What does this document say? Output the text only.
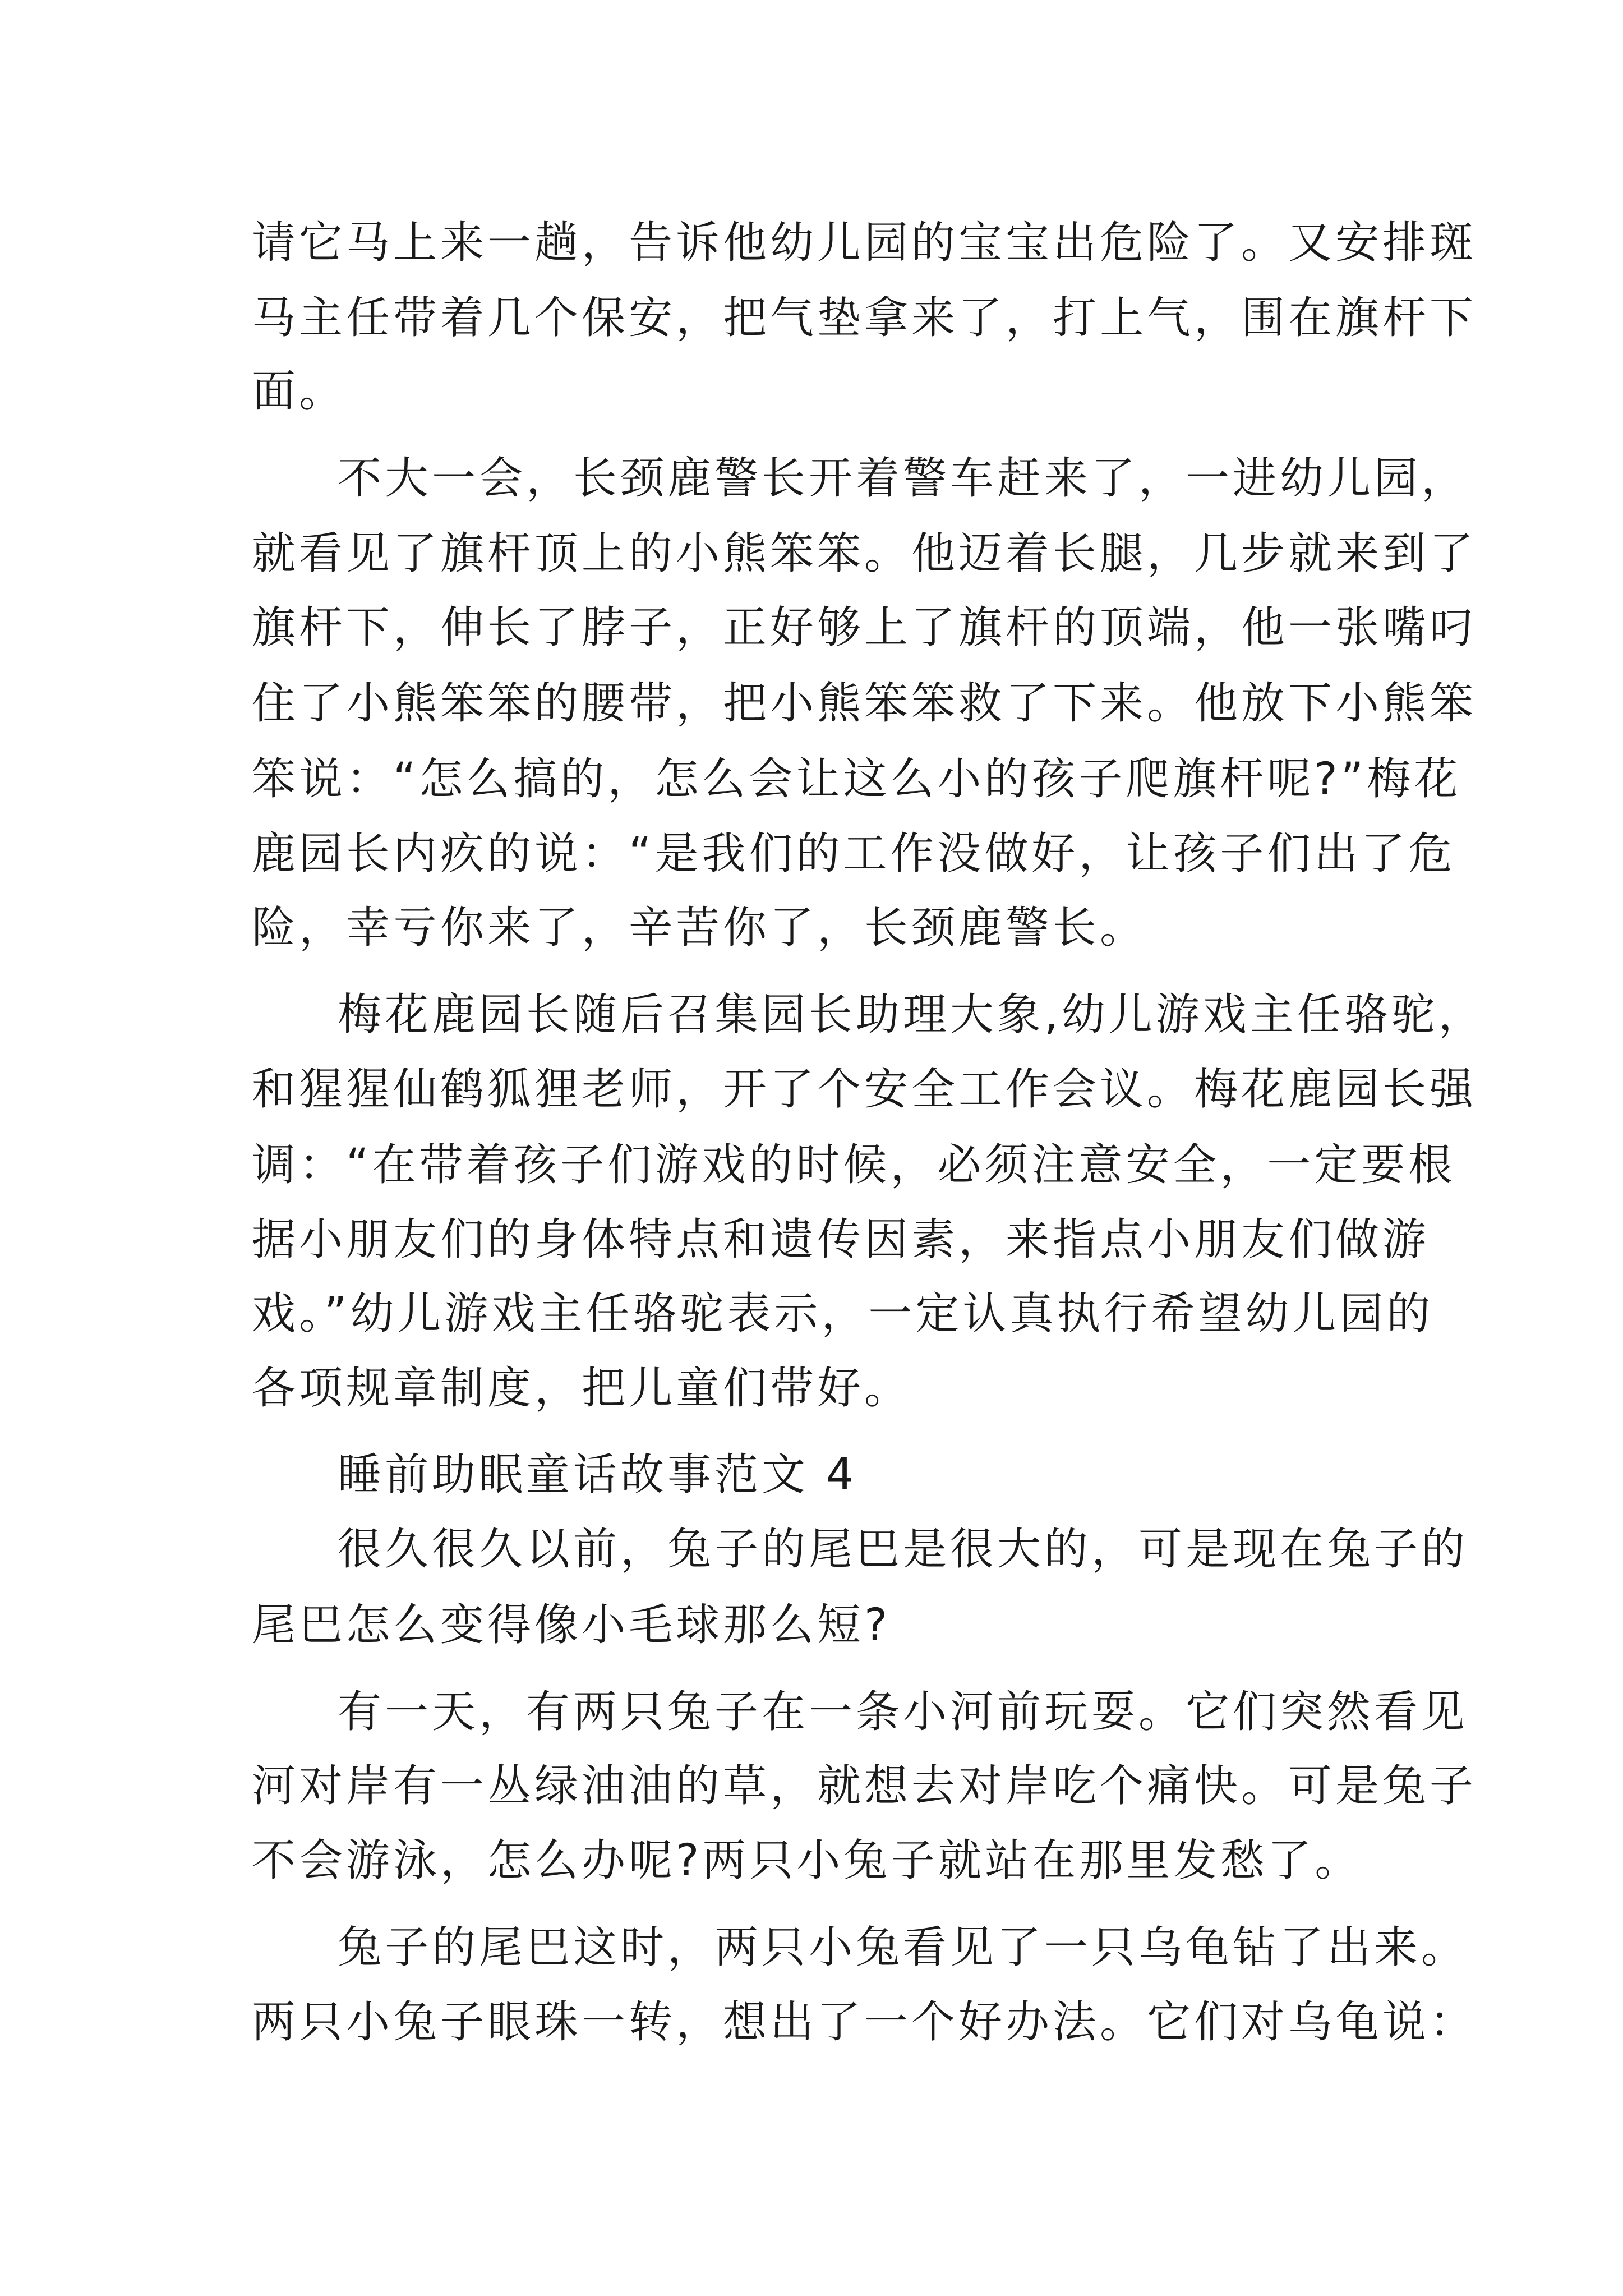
请它马上来一趟，告诉他幼儿园的宝宝出危险了。又安排斑
马主任带着几个保安，把气垫拿来了，打上气，围在旗杆下
面。
不大一会，长颈鹿警长开着警车赶来了，一进幼儿园，
就看见了旗杆顶上的小熊笨笨。他迈着长腿，几步就来到了
旗杆下，伸长了脖子，正好够上了旗杆的顶端，他一张嘴叼
住了小熊笨笨的腰带，把小熊笨笨救了下来。他放下小熊笨
笨说：“怎么搞的，怎么会让这么小的孩子爬旗杆呢?”梅花
鹿园长内疚的说：“是我们的工作没做好，让孩子们出了危
险，幸亏你来了，辛苦你了，长颈鹿警长。
梅花鹿园长随后召集园长助理大象,幼儿游戏主任骆驼，
和猩猩仙鹤狐狸老师，开了个安全工作会议。梅花鹿园长强
调：“在带着孩子们游戏的时候，必须注意安全，一定要根
据小朋友们的身体特点和遗传因素，来指点小朋友们做游
戏。”幼儿游戏主任骆驼表示，一定认真执行希望幼儿园的
各项规章制度，把儿童们带好。
睡前助眠童话故事范文 4
很久很久以前，兔子的尾巴是很大的，可是现在兔子的
尾巴怎么变得像小毛球那么短?
有一天，有两只兔子在一条小河前玩耍。它们突然看见
河对岸有一丛绿油油的草，就想去对岸吃个痛快。可是兔子
不会游泳，怎么办呢?两只小兔子就站在那里发愁了。
兔子的尾巴这时，两只小兔看见了一只乌龟钻了出来。
两只小兔子眼珠一转，想出了一个好办法。它们对乌龟说：
